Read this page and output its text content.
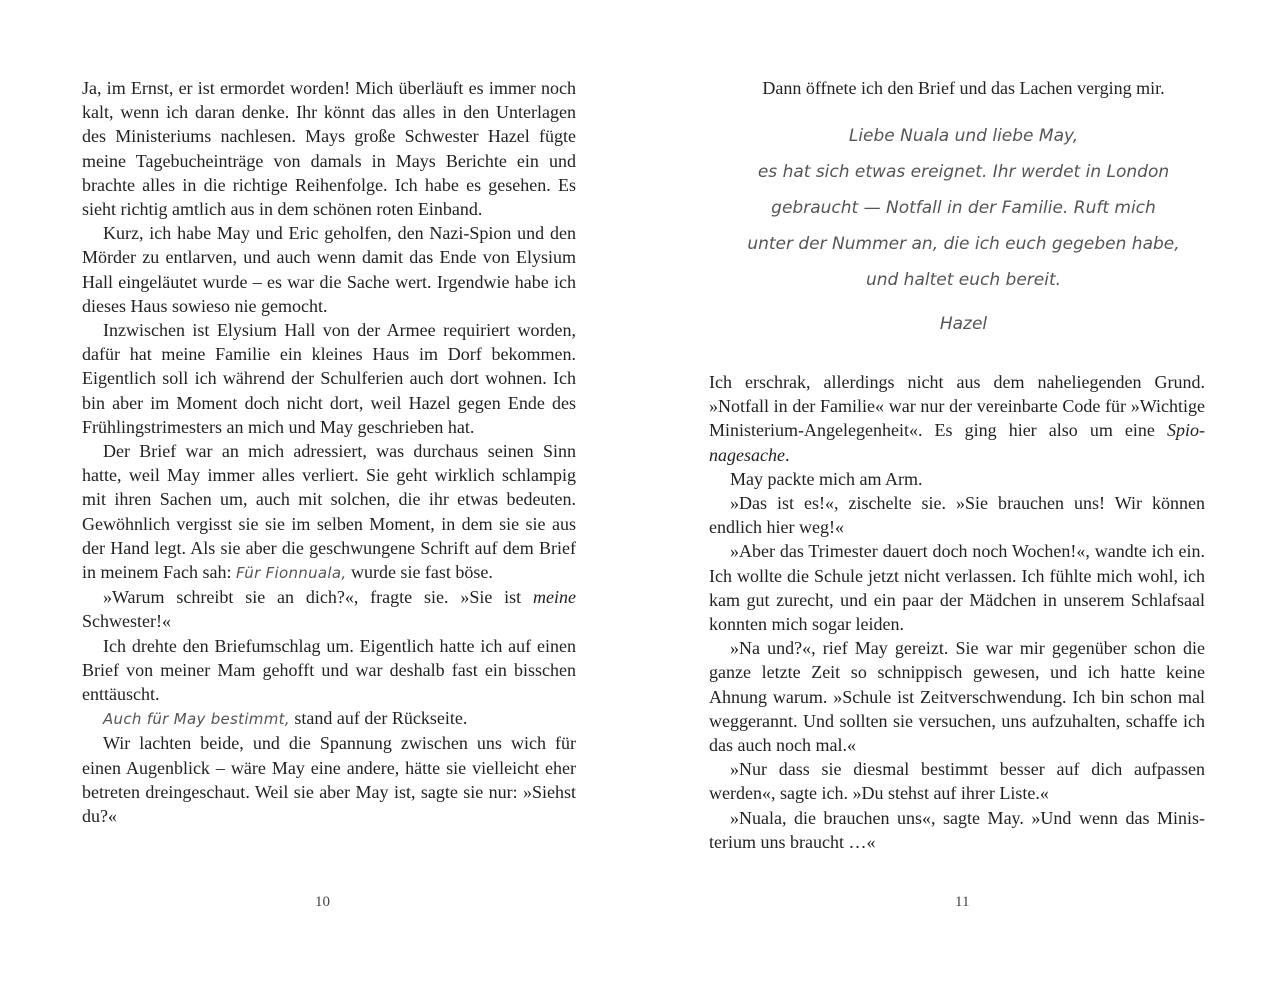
Ja, im Ernst, er ist ermordet worden! Mich überläuft es immer noch kalt, wenn ich daran denke. Ihr könnt das alles in den Unterlagen des Ministeriums nachlesen. Mays große Schwester Hazel fügte meine Tagebucheinträge von damals in Mays Berichte ein und brachte alles in die richtige Reihenfolge. Ich habe es gesehen. Es sieht richtig amtlich aus in dem schönen roten Einband.

Kurz, ich habe May und Eric geholfen, den Nazi-Spion und den Mörder zu entlarven, und auch wenn damit das Ende von Elysium Hall eingeläutet wurde – es war die Sache wert. Irgendwie habe ich dieses Haus sowieso nie gemocht.

Inzwischen ist Elysium Hall von der Armee requiriert worden, dafür hat meine Familie ein kleines Haus im Dorf bekommen. Eigentlich soll ich während der Schulferien auch dort wohnen. Ich bin aber im Moment doch nicht dort, weil Hazel gegen Ende des Frühlingstrimesters an mich und May geschrieben hat.

Der Brief war an mich adressiert, was durchaus seinen Sinn hatte, weil May immer alles verliert. Sie geht wirklich schlampig mit ihren Sachen um, auch mit solchen, die ihr etwas bedeuten. Gewöhnlich vergisst sie sie im selben Moment, in dem sie sie aus der Hand legt. Als sie aber die geschwungene Schrift auf dem Brief in meinem Fach sah: Für Fionnuala, wurde sie fast böse.

»Warum schreibt sie an dich?«, fragte sie. »Sie ist meine Schwester!«

Ich drehte den Briefumschlag um. Eigentlich hatte ich auf einen Brief von meiner Mam gehofft und war deshalb fast ein bisschen enttäuscht.

Auch für May bestimmt, stand auf der Rückseite.

Wir lachten beide, und die Spannung zwischen uns wich für einen Augenblick – wäre May eine andere, hätte sie vielleicht eher betreten dreingeschaut. Weil sie aber May ist, sagte sie nur: »Siehst du?«

10

Dann öffnete ich den Brief und das Lachen verging mir.

Liebe Nuala und liebe May,
es hat sich etwas ereignet. Ihr werdet in London
gebraucht — Notfall in der Familie. Ruft mich
unter der Nummer an, die ich euch gegeben habe,
und haltet euch bereit.
Hazel

Ich erschrak, allerdings nicht aus dem naheliegenden Grund. »Notfall in der Familie« war nur der vereinbarte Code für »Wichtige Ministerium-Angelegenheit«. Es ging hier also um eine Spionagesache.

May packte mich am Arm.

»Das ist es!«, zischelte sie. »Sie brauchen uns! Wir können endlich hier weg!«

»Aber das Trimester dauert doch noch Wochen!«, wandte ich ein. Ich wollte die Schule jetzt nicht verlassen. Ich fühlte mich wohl, ich kam gut zurecht, und ein paar der Mädchen in unserem Schlafsaal konnten mich sogar leiden.

»Na und?«, rief May gereizt. Sie war mir gegenüber schon die ganze letzte Zeit so schnippisch gewesen, und ich hatte keine Ahnung warum. »Schule ist Zeitverschwendung. Ich bin schon mal weggerannt. Und sollten sie versuchen, uns aufzuhalten, schaffe ich das auch noch mal.«

»Nur dass sie diesmal bestimmt besser auf dich aufpassen werden«, sagte ich. »Du stehst auf ihrer Liste.«

»Nuala, die brauchen uns«, sagte May. »Und wenn das Ministerium uns braucht …«

11
